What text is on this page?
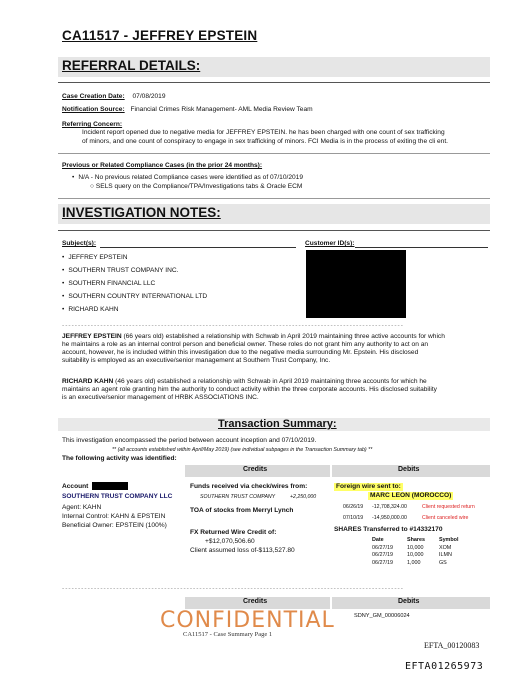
CA11517 - JEFFREY EPSTEIN
REFERRAL DETAILS:
Case Creation Date: 07/08/2019
Notification Source: Financial Crimes Risk Management- AML Media Review Team
Referring Concern:
Incident report opened due to negative media for JEFFREY EPSTEIN. he has been charged with one count of sex trafficking
of minors, and one count of conspiracy to engage in sex trafficking of minors. FCI Media is in the process of exiting the cli ent.
Previous or Related Compliance Cases (in the prior 24 months):
• N/A - No previous related Compliance cases were identified as of 07/10/2019
○ SELS query on the Compliance/TPA/Investigations tabs & Oracle ECM
INVESTIGATION NOTES:
Subject(s):	Customer ID(s):
• JEFFREY EPSTEIN
• SOUTHERN TRUST COMPANY INC.
• SOUTHERN FINANCIAL LLC
• SOUTHERN COUNTRY INTERNATIONAL LTD
• RICHARD KAHN
-----------------------------------------------------------------------------------------------------------
JEFFREY EPSTEIN (66 years old) established a relationship with Schwab in April 2019 maintaining three active accounts for which
he maintains a role as an internal control person and beneficial owner. These roles do not grant him any authority to act on an
account, however, he is included within this investigation due to the negative media surrounding Mr. Epstein. His disclosed
suitability is employed as an executive/senior management at Southern Trust Company, Inc.
RICHARD KAHN (46 years old) established a relationship with Schwab in April 2019 maintaining three accounts for which he
maintains an agent role granting him the authority to conduct activity within the three corporate accounts. His disclosed suitability
is an executive/senior management of HRBK ASSOCIATIONS INC.
Transaction Summary:
This investigation encompassed the period between account inception and 07/10/2019.
** (all accounts established within April/May 2019) (see individual subpages in the Transaction Summary tab) **
The following activity was identified:
Credits	Debits
Account
SOUTHERN TRUST COMPANY LLC
Agent: KAHN
Internal Control: KAHN & EPSTEIN
Beneficial Owner: EPSTEIN (100%)
Funds received via check/wires from:
SOUTHERN TRUST COMPANY	+2,250,000
TOA of stocks from Merryl Lynch
FX Returned Wire Credit of:
+$12,070,506.60
Client assumed loss of-$113,527.80
Foreign wire sent to:
MARC LEON (MOROCCO)
06/26/19 -12,708,324.00	Client requested return
07/10/19 -14,950,000.00	Client canceled wire
SHARES Transferred to #14332170
Date	Shares	Symbol
06/27/19	10,000	XOM
06/27/19	10,000	ILMN
06/27/19	1,000	GS
-----------------------------------------------------------------------------------------------------------
Credits	Debits
SDNY_GM_00006024
CONFIDENTIAL
CA11517 - Case Summary Page 1
EFTA_00120083
EFTA01265973
